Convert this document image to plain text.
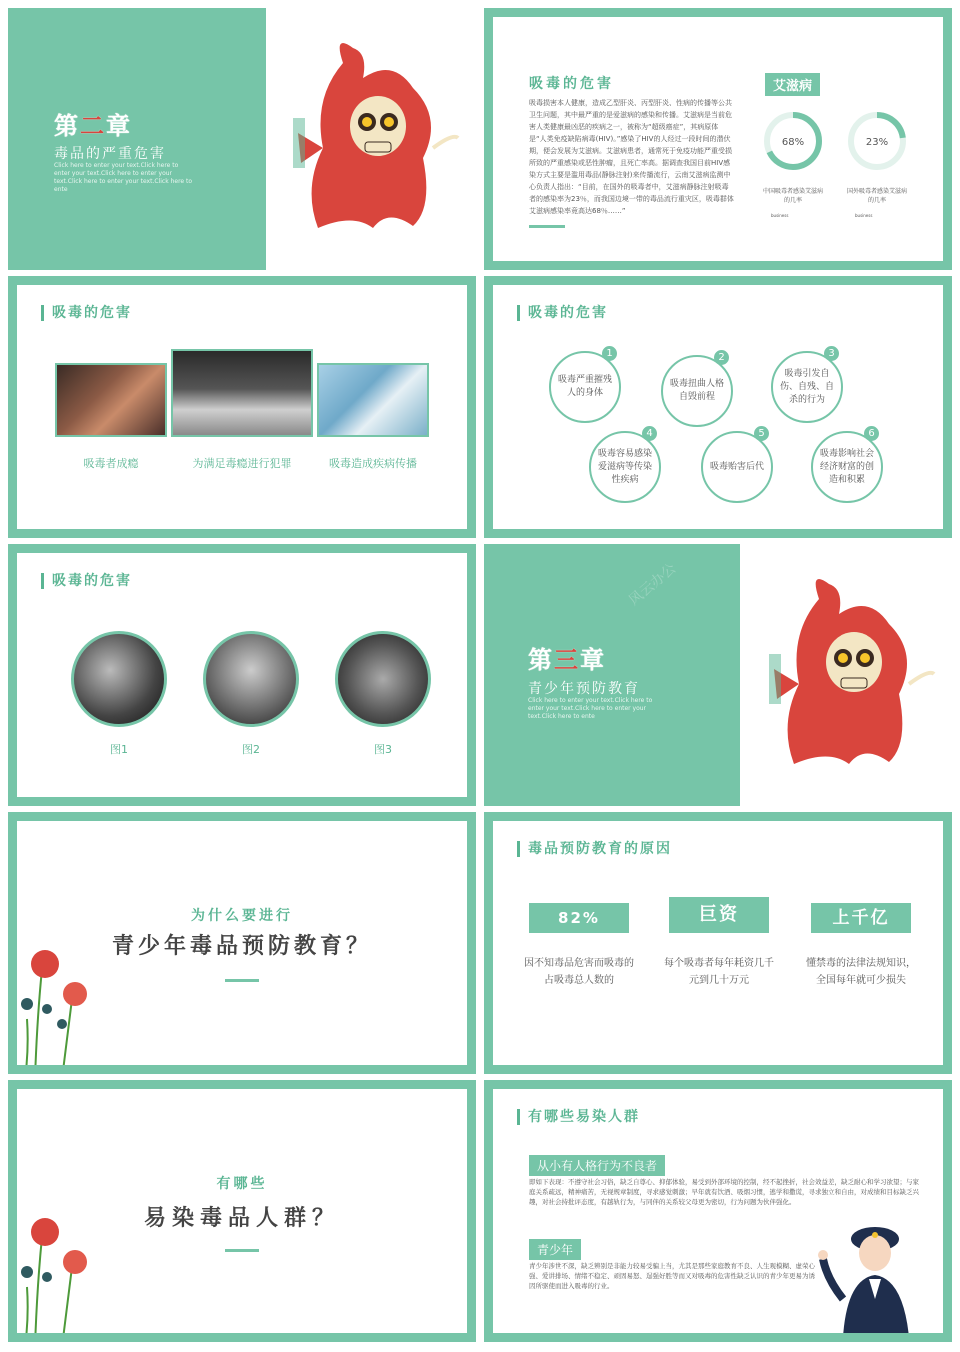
第二章
毒品的严重危害
Click here to enter your text.Click here to enter your text.Click here to enter your text.Click here to enter your text.Click here to ente
吸毒的危害
吸毒损害本人健康，造成乙型肝炎、丙型肝炎、性病的传播等公共卫生问题，其中最严重的是爱滋病的感染和传播。艾滋病是当前危害人类健康最凶恶的疾病之一，被称为“超级癌症”，其病原体是“人类免疫缺陷病毒(HIV)。”感染了HIV的人经过一段时间的潜伏期，便会发展为艾滋病。艾滋病患者，通常死于免疫功能严重受损所致的严重感染或恶性肿瘤，且死亡率高。据调查我国目前HIV感染方式主要是滥用毒品(静脉注射)来传播流行，云南艾滋病监测中心负责人指出：“目前，在国外的吸毒者中，艾滋病静脉注射吸毒者的感染率为23％，而我国边境一带的毒品流行重灾区，吸毒群体艾滋病感染率竟高达68％……”
艾滋病
68%
中国吸毒者感染艾滋病的几率
business
23%
国外吸毒者感染艾滋病的几率
business
吸毒的危害
吸毒者成瘾	为满足毒瘾进行犯罪	吸毒造成疾病传播
吸毒的危害
1
吸毒严重摧残人的身体
2
吸毒扭曲人格自毁前程
3
吸毒引发自伤、自残、自杀的行为
4
吸毒容易感染爱滋病等传染性疾病
5
吸毒贻害后代
6
吸毒影响社会经济财富的创造和积累
吸毒的危害
图1	图2	图3
风云办公
第三章
青少年预防教育
Click here to enter your text.Click here to enter your text.Click here to enter your text.Click here to ente
为什么要进行
青少年毒品预防教育？
毒品预防教育的原因
82%	巨资	上千亿
因不知毒品危害而吸毒的占吸毒总人数的
每个吸毒者每年耗资几千元到几十万元
懂禁毒的法律法规知识，全国每年就可少损失
有哪些
易染毒品人群？
有哪些易染人群
从小有人格行为不良者
即如下表现：不遵守社会习俗，缺乏自尊心、抑郁体验，易受到外部环境的控制，经不起挫折，社会效益差，缺乏耐心和学习欲望；与家庭关系疏远，精神痛苦，无视规章制度，寻求感觉刺激；早年就有饮酒、吸烟习惯，逃学和撒谎，寻求独立和自由，对成绩和目标缺乏兴趣，对社会持批评态度，有越轨行为，与同伴的关系较父母更为密切，行为问题为伙伴强化。
青少年
青少年涉世不深，缺乏辨别是非能力较易受骗上当，尤其是那些家庭教育不良、人生观模糊、虚荣心强、爱讲排场、情绪不稳定、顽固易怒、逞强好胜等而又对吸毒的危害性缺乏认识的青少年更易为诱因所驱使而进入吸毒的行业。
